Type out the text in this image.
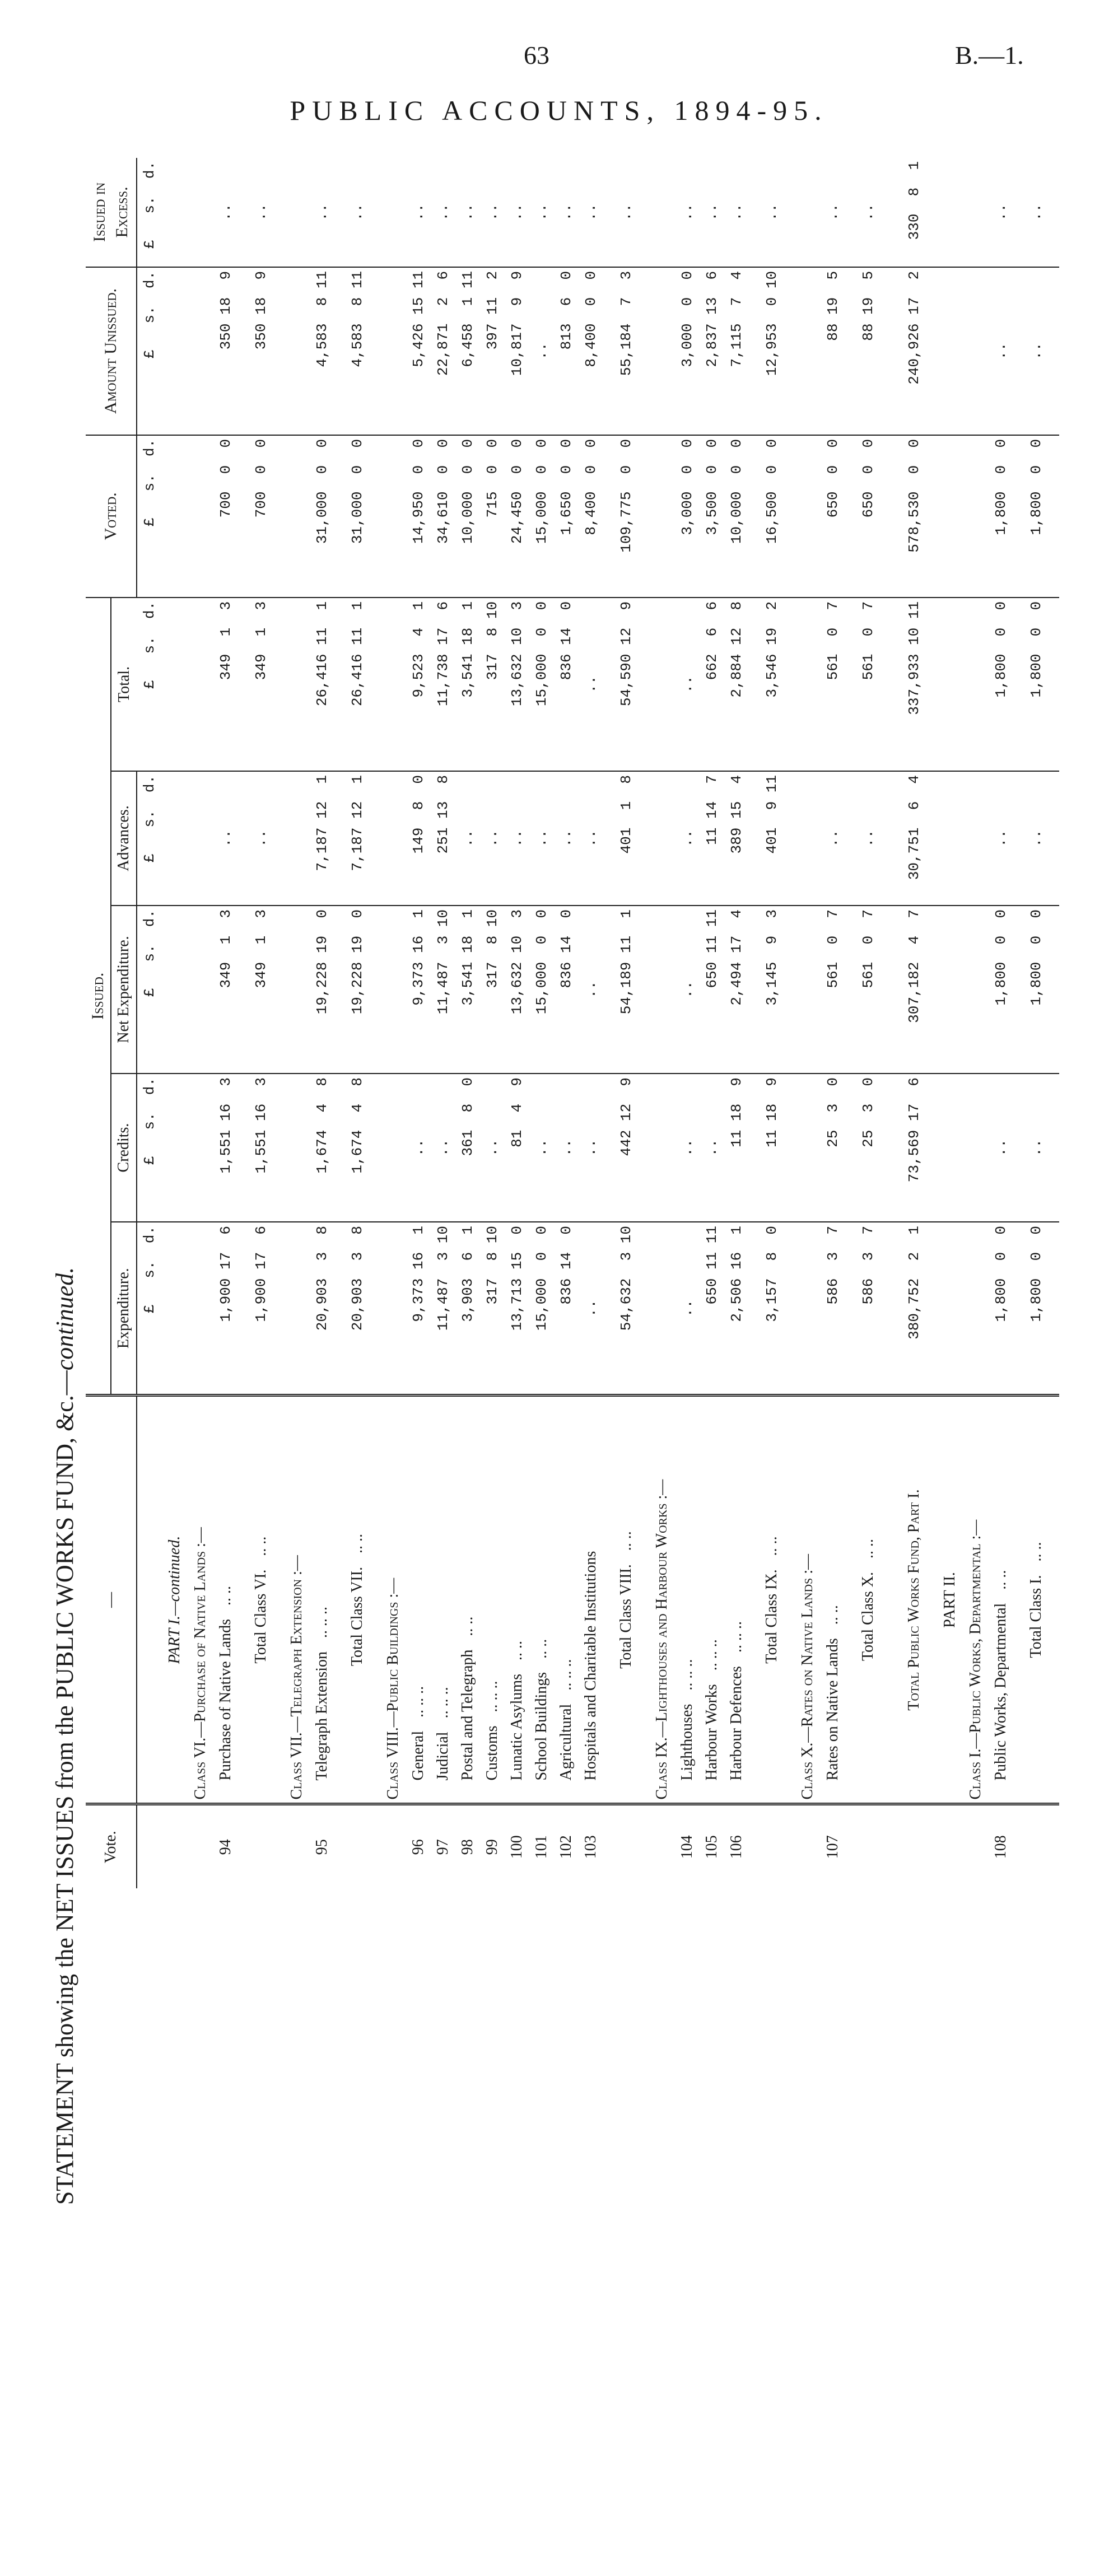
63	B.—1.
PUBLIC ACCOUNTS, 1894-95.
STATEMENT showing the NET ISSUES from the PUBLIC WORKS FUND, &c.—continued.
Vote.	—	Issued.					Voted.	Amount Unissued.	Issued in Excess.
		Expenditure.	Credits.	Net Expenditure.	Advances.	Total.			
		£   s.  d.	£   s.  d.	£   s.  d.	£   s.  d.	£   s.  d.	£   s.  d.	£   s.  d.	£   s.  d.
	PART I.—continued.								
	Class VI.—Purchase of Native Lands :—								
94	Purchase of Native Lands.. ..	1,900 17  6	1,551 16  3	349  1  3	..	349  1  3	700  0  0	350 18  9	..
	Total Class VI... ..	1,900 17  6	1,551 16  3	349  1  3	..	349  1  3	700  0  0	350 18  9	..
	Class VII.—Telegraph Extension :—								
95	Telegraph Extension.. .. ..	20,903  3  8	1,674  4  8	19,228 19  0	7,187 12  1	26,416 11  1	31,000  0  0	4,583  8 11	..
	Total Class VII... ..	20,903  3  8	1,674  4  8	19,228 19  0	7,187 12  1	26,416 11  1	31,000  0  0	4,583  8 11	..
	Class VIII.—Public Buildings :—								
96	General.. .. ..	9,373 16  1	..	9,373 16  1	149  8  0	9,523  4  1	14,950  0  0	5,426 15 11	..
97	Judicial.. .. ..	11,487  3 10	..	11,487  3 10	251 13  8	11,738 17  6	34,610  0  0	22,871  2  6	..
98	Postal and Telegraph.. ..	3,903  6  1	361  8  0	3,541 18  1	..	3,541 18  1	10,000  0  0	6,458  1 11	..
99	Customs.. .. ..	317  8 10	..	317  8 10	..	317  8 10	715  0  0	397 11  2	..
100	Lunatic Asylums.. ..	13,713 15  0	81  4  9	13,632 10  3	..	13,632 10  3	24,450  0  0	10,817  9  9	..
101	School Buildings.. ..	15,000  0  0	..	15,000  0  0	..	15,000  0  0	15,000  0  0	..	..
102	Agricultural.. .. ..	836 14  0	..	836 14  0	..	836 14  0	1,650  0  0	813  6  0	..
103	Hospitals and Charitable Institutions	..	..	..	..	..	8,400  0  0	8,400  0  0	..
	Total Class VIII... ..	54,632  3 10	442 12  9	54,189 11  1	401  1  8	54,590 12  9	109,775  0  0	55,184  7  3	..
	Class IX.—Lighthouses and Harbour Works :—								
104	Lighthouses.. .. ..	..	..	..	..	..	3,000  0  0	3,000  0  0	..
105	Harbour Works.. .. ..	650 11 11	..	650 11 11	11 14  7	662  6  6	3,500  0  0	2,837 13  6	..
106	Harbour Defences.. .. ..	2,506 16  1	11 18  9	2,494 17  4	389 15  4	2,884 12  8	10,000  0  0	7,115  7  4	..
	Total Class IX... ..	3,157  8  0	11 18  9	3,145  9  3	401  9 11	3,546 19  2	16,500  0  0	12,953  0 10	..
	Class X.—Rates on Native Lands :—								
107	Rates on Native Lands.. ..	586  3  7	25  3  0	561  0  7	..	561  0  7	650  0  0	88 19  5	..
	Total Class X... ..	586  3  7	25  3  0	561  0  7	..	561  0  7	650  0  0	88 19  5	..
	Total Public Works Fund, Part I.	380,752  2  1	73,569 17  6	307,182  4  7	30,751  6  4	337,933 10 11	578,530  0  0	240,926 17  2	330  8  1
	PART II.								
	Class I.—Public Works, Departmental :—								
108	Public Works, Departmental.. ..	1,800  0  0	..	1,800  0  0	..	1,800  0  0	1,800  0  0	..	..
	Total Class I... ..	1,800  0  0	..	1,800  0  0	..	1,800  0  0	1,800  0  0	..	..
